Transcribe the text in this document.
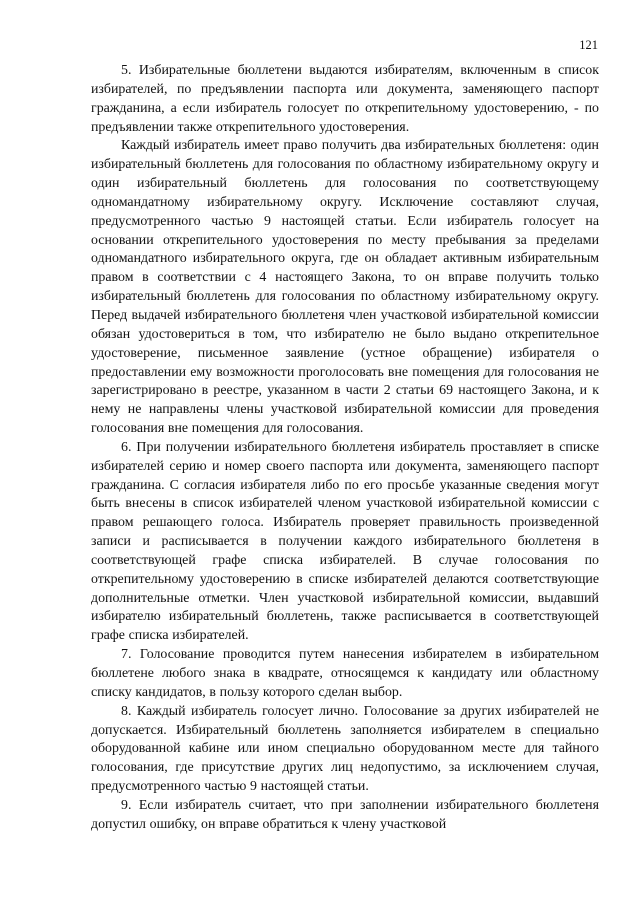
121

5. Избирательные бюллетени выдаются избирателям, включенным в список избирателей, по предъявлении паспорта или документа, заменяющего паспорт гражданина, а если избиратель голосует по открепительному удостоверению, - по предъявлении также открепительного удостоверения.

Каждый избиратель имеет право получить два избирательных бюллетеня: один избирательный бюллетень для голосования по областному избирательному округу и один избирательный бюллетень для голосования по соответствующему одномандатному избирательному округу. Исключение составляют случая, предусмотренного частью 9 настоящей статьи. Если избиратель голосует на основании открепительного удостоверения по месту пребывания за пределами одномандатного избирательного округа, где он обладает активным избирательным правом в соответствии с 4 настоящего Закона, то он вправе получить только избирательный бюллетень для голосования по областному избирательному округу. Перед выдачей избирательного бюллетеня член участковой избирательной комиссии обязан удостовериться в том, что избирателю не было выдано открепительное удостоверение, письменное заявление (устное обращение) избирателя о предоставлении ему возможности проголосовать вне помещения для голосования не зарегистрировано в реестре, указанном в части 2 статьи 69 настоящего Закона, и к нему не направлены члены участковой избирательной комиссии для проведения голосования вне помещения для голосования.

6. При получении избирательного бюллетеня избиратель проставляет в списке избирателей серию и номер своего паспорта или документа, заменяющего паспорт гражданина. С согласия избирателя либо по его просьбе указанные сведения могут быть внесены в список избирателей членом участковой избирательной комиссии с правом решающего голоса. Избиратель проверяет правильность произведенной записи и расписывается в получении каждого избирательного бюллетеня в соответствующей графе списка избирателей. В случае голосования по открепительному удостоверению в списке избирателей делаются соответствующие дополнительные отметки. Член участковой избирательной комиссии, выдавший избирателю избирательный бюллетень, также расписывается в соответствующей графе списка избирателей.

7. Голосование проводится путем нанесения избирателем в избирательном бюллетене любого знака в квадрате, относящемся к кандидату или областному списку кандидатов, в пользу которого сделан выбор.

8. Каждый избиратель голосует лично. Голосование за других избирателей не допускается. Избирательный бюллетень заполняется избирателем в специально оборудованной кабине или ином специально оборудованном месте для тайного голосования, где присутствие других лиц недопустимо, за исключением случая, предусмотренного частью 9 настоящей статьи.

9. Если избиратель считает, что при заполнении избирательного бюллетеня допустил ошибку, он вправе обратиться к члену участковой
